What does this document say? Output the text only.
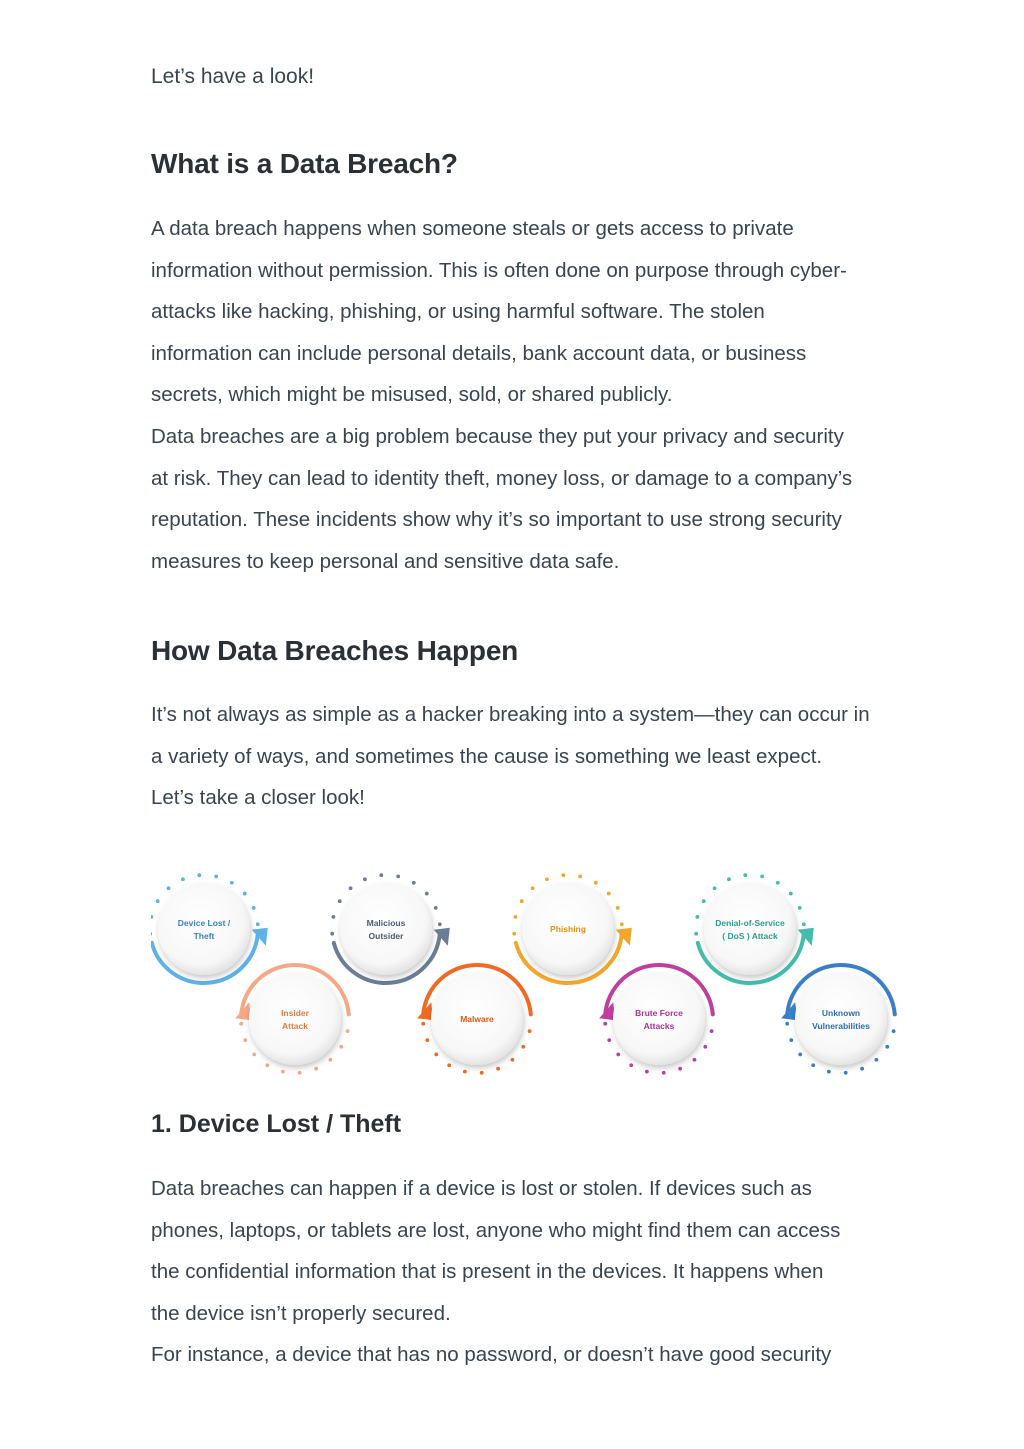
Let’s have a look!

What is a Data Breach?
A data breach happens when someone steals or gets access to private
information without permission. This is often done on purpose through cyber-
attacks like hacking, phishing, or using harmful software. The stolen
information can include personal details, bank account data, or business
secrets, which might be misused, sold, or shared publicly.
Data breaches are a big problem because they put your privacy and security
at risk. They can lead to identity theft, money loss, or damage to a company’s
reputation. These incidents show why it’s so important to use strong security
measures to keep personal and sensitive data safe.
How Data Breaches Happen
It’s not always as simple as a hacker breaking into a system—they can occur in
a variety of ways, and sometimes the cause is something we least expect.
Let’s take a closer look!
Device Lost /
Theft
Insider
Attack
Malicious
Outsider
Malware
Phishing
Brute Force
Attacks
Denial-of-Service
( DoS ) Attack
Unknown
Vulnerabilities
1. Device Lost / Theft
Data breaches can happen if a device is lost or stolen. If devices such as
phones, laptops, or tablets are lost, anyone who might find them can access
the confidential information that is present in the devices. It happens when
the device isn’t properly secured.
For instance, a device that has no password, or doesn’t have good security
